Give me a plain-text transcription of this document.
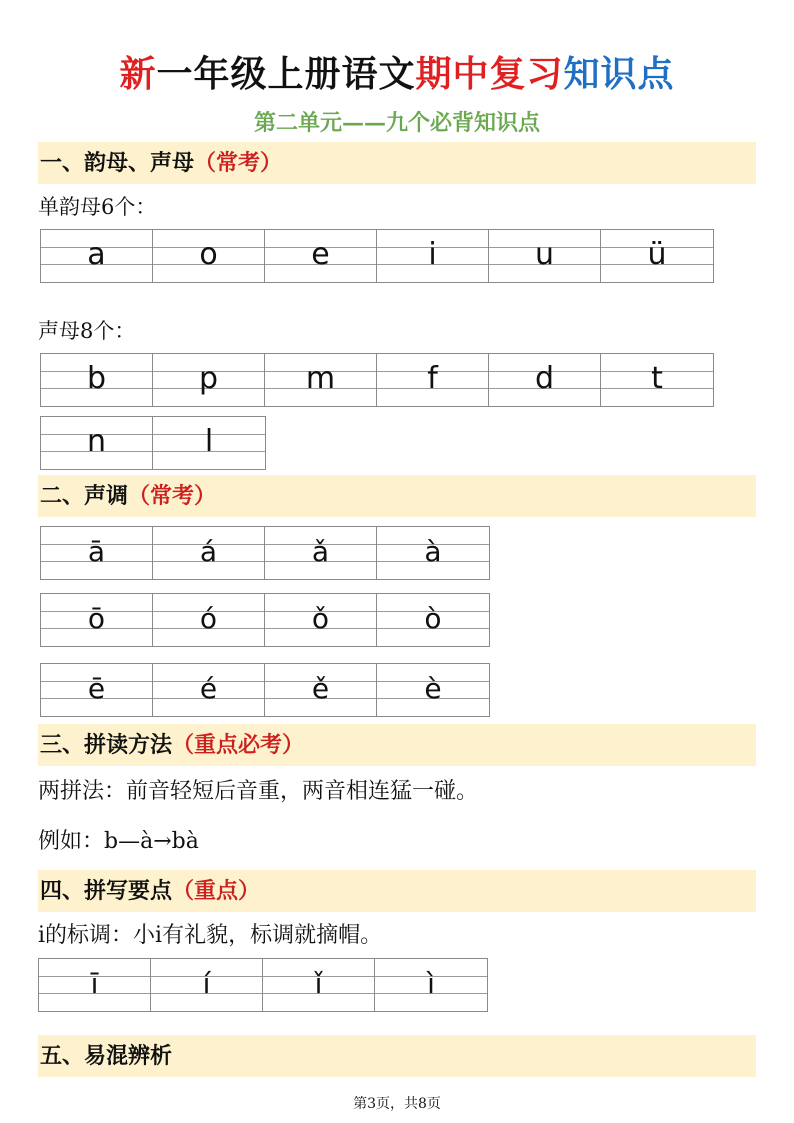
新一年级上册语文期中复习知识点
第二单元——九个必背知识点
一、韵母、声母（常考）
单韵母6个：
a	o	e	i	u	ü
声母8个：
b	p	m	f	d	t
n	l
二、声调（常考）
ā	á	ǎ	à
ō	ó	ǒ	ò
ē	é	ě	è
三、拼读方法（重点必考）
两拼法：前音轻短后音重，两音相连猛一碰。
例如：b—à→bà
四、拼写要点（重点）
i的标调：小i有礼貌，标调就摘帽。
ī	í	ǐ	ì
五、易混辨析
第3页，共8页
